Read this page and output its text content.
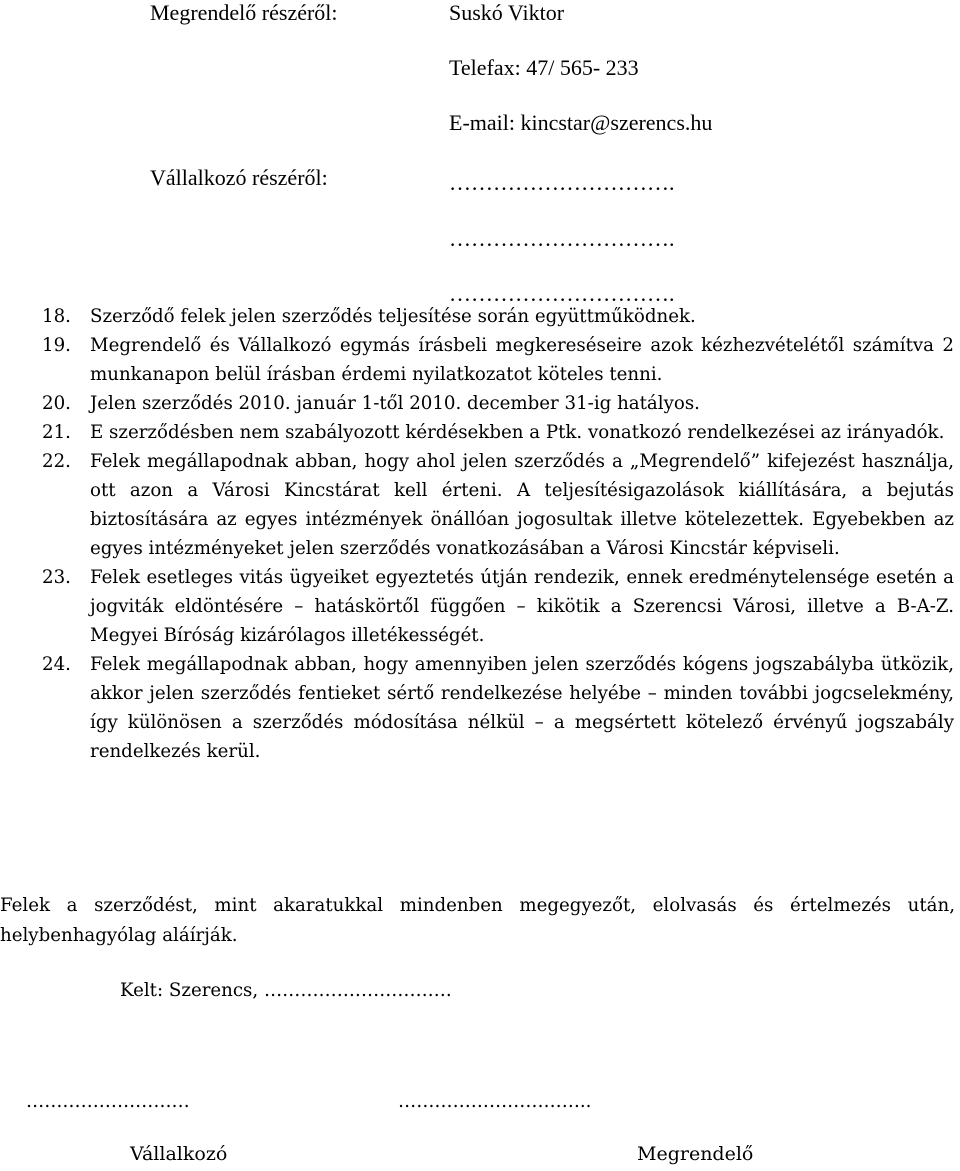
Megrendelő részéről:	Suskó Viktor
Telefax: 47/ 565- 233
E-mail: kincstar@szerencs.hu
Vállalkozó részéről:	………………………….
………………………….
………………………….
18.	Szerződő felek jelen szerződés teljesítése során együttműködnek.
19.	Megrendelő és Vállalkozó egymás írásbeli megkereséseire azok kézhezvételétől számítva 2 munkanapon belül írásban érdemi nyilatkozatot köteles tenni.
20.	Jelen szerződés 2010. január 1-től 2010. december 31-ig hatályos.
21.	E szerződésben nem szabályozott kérdésekben a Ptk. vonatkozó rendelkezései az irányadók.
22.	Felek megállapodnak abban, hogy ahol jelen szerződés a „Megrendelő” kifejezést használja, ott azon a Városi Kincstárat kell érteni. A teljesítésigazolások kiállítására, a bejutás biztosítására az egyes intézmények önállóan jogosultak illetve kötelezettek. Egyebekben az egyes intézményeket jelen szerződés vonatkozásában a Városi Kincstár képviseli.
23.	Felek esetleges vitás ügyeiket egyeztetés útján rendezik, ennek eredménytelensége esetén a jogviták eldöntésére – hatáskörtől függően – kikötik a Szerencsi Városi, illetve a B-A-Z. Megyei Bíróság kizárólagos illetékességét.
24.	Felek megállapodnak abban, hogy amennyiben jelen szerződés kógens jogszabályba ütközik, akkor jelen szerződés fentieket sértő rendelkezése helyébe – minden további jogcselekmény, így különösen a szerződés módosítása nélkül – a megsértett kötelező érvényű jogszabály rendelkezés kerül.
Felek a szerződést, mint akaratukkal mindenben megegyezőt, elolvasás és értelmezés után, helybenhagyólag aláírják.
Kelt: Szerencs, ………………………….
………………………	…………………………..
Vállalkozó	Megrendelő
